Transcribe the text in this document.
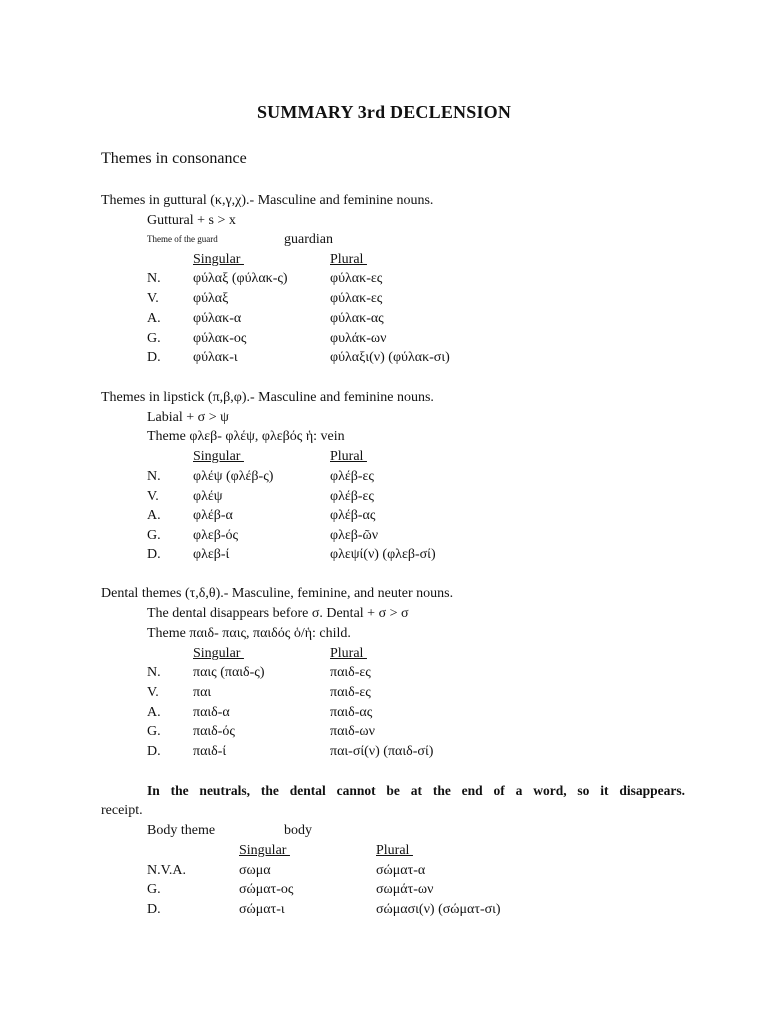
SUMMARY 3rd DECLENSION
Themes in consonance
Themes in guttural (κ,γ,χ).- Masculine and feminine nouns.
Guttural + s > x
Theme of the guard	guardian
Singular	Plural
N. φύλαξ (φύλακ-ς)	φύλακ-ες
V. φύλαξ	φύλακ-ες
A. φύλακ-α	φύλακ-ας
G. φύλακ-ος	φυλάκ-ων
D. φύλακ-ι	φύλαξι(ν) (φύλακ-σι)
Themes in lipstick (π,β,φ).- Masculine and feminine nouns.
Labial + σ > ψ
Theme φλεβ- φλέψ, φλεβός ἡ: vein
Singular	Plural
N. φλέψ (φλέβ-ς)	φλέβ-ες
V. φλέψ	φλέβ-ες
A. φλέβ-α	φλέβ-ας
G. φλεβ-ός	φλεβ-ῶν
D. φλεβ-ί	φλεψί(ν) (φλεβ-σί)
Dental themes (τ,δ,θ).- Masculine, feminine, and neuter nouns.
The dental disappears before σ. Dental + σ > σ
Theme παιδ- παις, παιδός ὁ/ἡ: child.
Singular	Plural
N. παις (παιδ-ς)	παιδ-ες
V. παι	παιδ-ες
A. παιδ-α	παιδ-ας
G. παιδ-ός	παιδ-ων
D. παιδ-ί	παι-σί(ν) (παιδ-σί)
In the neutrals, the dental cannot be at the end of a word, so it disappears.
receipt.
Body theme	body
Singular	Plural
N.V.A.	σωμα	σώματ-α
G.	σώματ-ος	σωμάτ-ων
D.	σώματ-ι	σώμασι(ν) (σώματ-σι)
